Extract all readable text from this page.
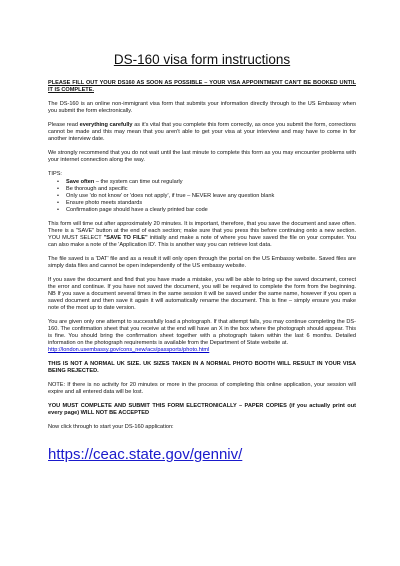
DS-160 visa form instructions

PLEASE FILL OUT YOUR DS160 AS SOON AS POSSIBLE – YOUR VISA APPOINTMENT CAN'T BE BOOKED UNTIL IT IS COMPLETE.

The DS-160 is an online non-immigrant visa form that submits your information directly through to the US Embassy when you submit the form electronically.

Please read everything carefully as it's vital that you complete this form correctly, as once you submit the form, corrections cannot be made and this may mean that you aren't able to get your visa at your interview and may have to come in for another interview date.

We strongly recommend that you do not wait until the last minute to complete this form as you may encounter problems with your internet connection along the way.

TIPS:
• Save often – the system can time out regularly
• Be thorough and specific
• Only use 'do not know' or 'does not apply', if true – NEVER leave any question blank
• Ensure photo meets standards
• Confirmation page should have a clearly printed bar code

This form will time out after approximately 20 minutes. It is important, therefore, that you save the document and save often. There is a "SAVE" button at the end of each section; make sure that you press this before continuing onto a new section. YOU MUST SELECT "SAVE TO FILE" initially and make a note of where you have saved the file on your computer. You can also make a note of the 'Application ID'. This is another way you can retrieve lost data.

The file saved is a 'DAT' file and as a result it will only open through the portal on the US Embassy website. Saved files are simply data files and cannot be open independently of the US embassy website.

If you save the document and find that you have made a mistake, you will be able to bring up the saved document, correct the error and continue. If you have not saved the document, you will be required to complete the form from the beginning. NB If you save a document several times in the same session it will be saved under the same name, however if you open a saved document and then save it again it will automatically rename the document. This is fine – simply ensure you make note of the most up to date version.

You are given only one attempt to successfully load a photograph. If that attempt fails, you may continue completing the DS-160. The confirmation sheet that you receive at the end will have an X in the box where the photograph should appear. This is fine. You should bring the confirmation sheet together with a photograph taken within the last 6 months. Detailed information on the photograph requirements is available from the Department of State website at.
http://london.usembassy.gov/cons_new/acs/passports/photo.html

THIS IS NOT A NORMAL UK SIZE. UK SIZES TAKEN IN A NORMAL PHOTO BOOTH WILL RESULT IN YOUR VISA BEING REJECTED.

NOTE: If there is no activity for 20 minutes or more in the process of completing this online application, your session will expire and all entered data will be lost.

YOU MUST COMPLETE AND SUBMIT THIS FORM ELECTRONICALLY – PAPER COPIES (if you actually print out every page) WILL NOT BE ACCEPTED

Now click through to start your DS-160 application:

https://ceac.state.gov/genniv/
